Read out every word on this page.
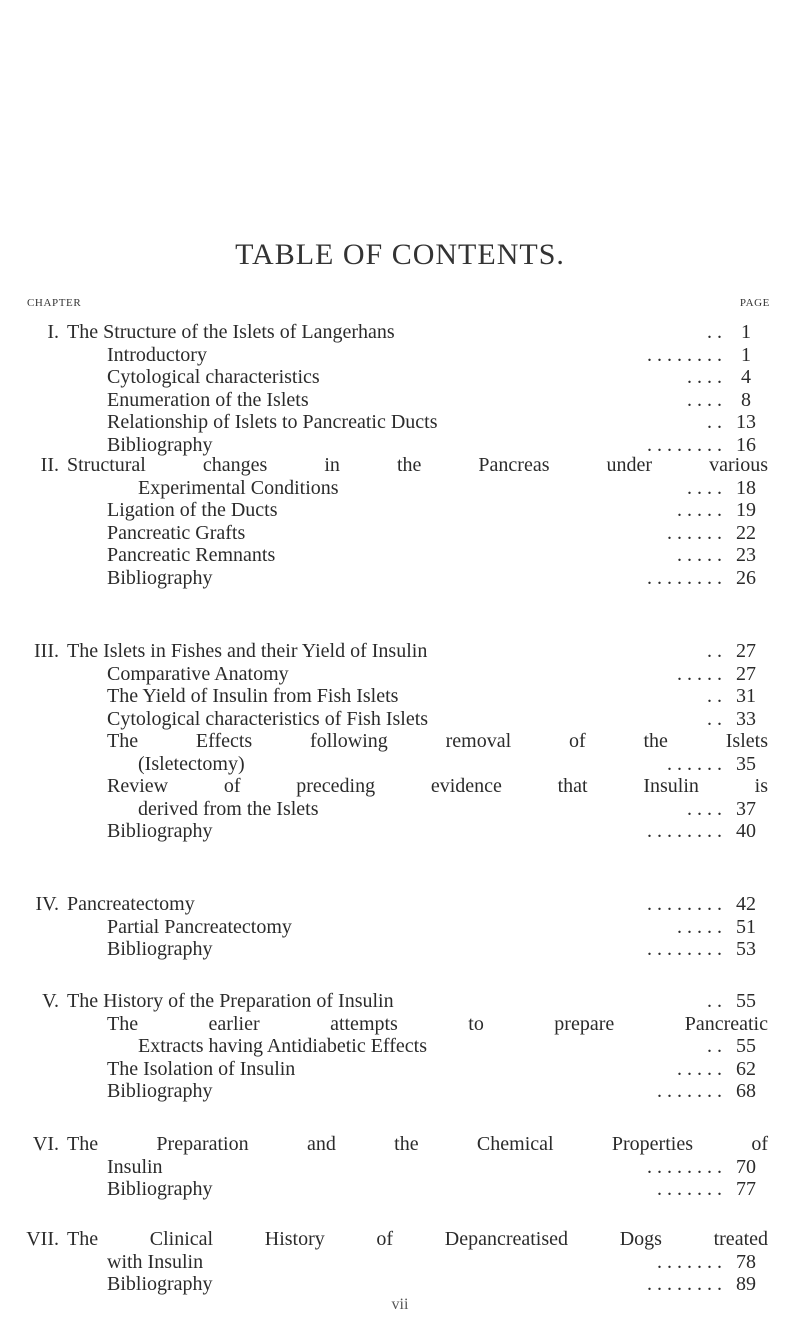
TABLE OF CONTENTS.
CHAPTER	PAGE
I. The Structure of the Islets of Langerhans	. . 1
Introductory	. . . . . . . . 1
Cytological characteristics	. . . . 4
Enumeration of the Islets	. . . . 8
Relationship of Islets to Pancreatic Ducts	. . 13
Bibliography	. . . . . . . . 16
II. Structural changes in the Pancreas under various
Experimental Conditions	. . . . 18
Ligation of the Ducts	. . . . . 19
Pancreatic Grafts	. . . . . . 22
Pancreatic Remnants	. . . . . 23
Bibliography	. . . . . . . . 26
III. The Islets in Fishes and their Yield of Insulin	. . 27
Comparative Anatomy	. . . . . 27
The Yield of Insulin from Fish Islets	. . 31
Cytological characteristics of Fish Islets	. . 33
The Effects following removal of the Islets
(Isletectomy)	. . . . . . 35
Review of preceding evidence that Insulin is
derived from the Islets	. . . . 37
Bibliography	. . . . . . . . 40
IV. Pancreatectomy	. . . . . . . . 42
Partial Pancreatectomy	. . . . . 51
Bibliography	. . . . . . . . 53
V. The History of the Preparation of Insulin	. . 55
The earlier attempts to prepare Pancreatic
Extracts having Antidiabetic Effects	. . 55
The Isolation of Insulin	. . . . . 62
Bibliography	. . . . . . . 68
VI. The Preparation and the Chemical Properties of
Insulin	. . . . . . . . 70
Bibliography	. . . . . . . 77
VII. The Clinical History of Depancreatised Dogs treated
with Insulin	. . . . . . . 78
Bibliography	. . . . . . . . 89
vii
